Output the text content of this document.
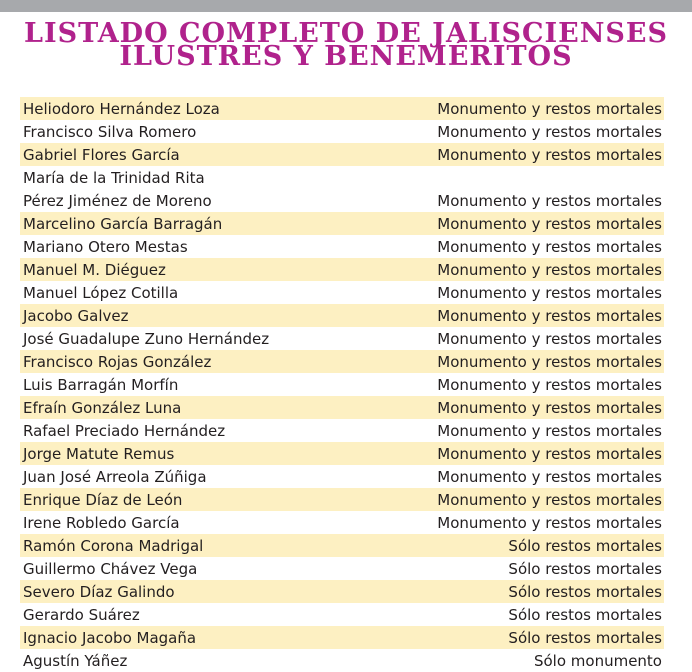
LISTADO COMPLETO DE JALISCIENSES
ILUSTRES Y BENEMÉRITOS
Heliodoro Hernández Loza	Monumento y restos mortales
Francisco Silva Romero	Monumento y restos mortales
Gabriel Flores García	Monumento y restos mortales
María de la Trinidad Rita
Pérez Jiménez de Moreno	Monumento y restos mortales
Marcelino García Barragán	Monumento y restos mortales
Mariano Otero Mestas	Monumento y restos mortales
Manuel M. Diéguez	Monumento y restos mortales
Manuel López Cotilla	Monumento y restos mortales
Jacobo Galvez	Monumento y restos mortales
José Guadalupe Zuno Hernández	Monumento y restos mortales
Francisco Rojas González	Monumento y restos mortales
Luis Barragán Morfín	Monumento y restos mortales
Efraín González Luna	Monumento y restos mortales
Rafael Preciado Hernández	Monumento y restos mortales
Jorge Matute Remus	Monumento y restos mortales
Juan José Arreola Zúñiga	Monumento y restos mortales
Enrique Díaz de León	Monumento y restos mortales
Irene Robledo García	Monumento y restos mortales
Ramón Corona Madrigal	Sólo restos mortales
Guillermo Chávez Vega	Sólo restos mortales
Severo Díaz Galindo	Sólo restos mortales
Gerardo Suárez	Sólo restos mortales
Ignacio Jacobo Magaña	Sólo restos mortales
Agustín Yáñez	Sólo monumento
